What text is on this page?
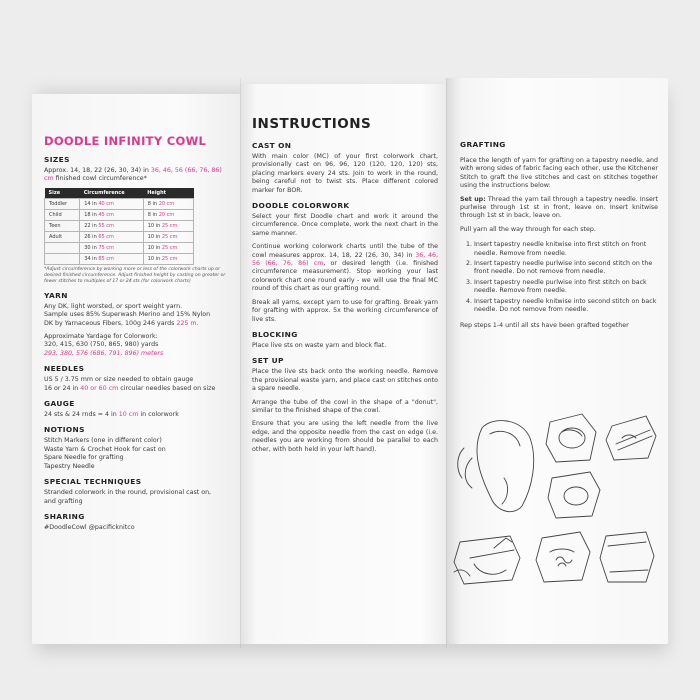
DOODLE INFINITY COWL
SIZES

Approx. 14, 18, 22 (26, 30, 34) in 36, 46, 56 (66, 76, 86) cm finished cowl circumference*

Size	Circumference	Height
Toddler	14 in 40 cm	8 in 20 cm
Child	18 in 45 cm	8 in 20 cm
Teen	22 in 55 cm	10 in 25 cm
Adult	26 in 65 cm	10 in 25 cm
	30 in 75 cm	10 in 25 cm
	34 in 85 cm	10 in 25 cm
*Adjust circumference by working more or less of the colorwork charts up or desired finished circumference. Adjust finished height by casting on greater or fewer stitches to multiples of 17 or 24 sts (for colorwork charts)
YARN

Any DK, light worsted, or sport weight yarn.

Sample uses 85% Superwash Merino and 15% Nylon

DK by Yarnaceous Fibers, 100g 246 yards 225 m.

Approximate Yardage for Colorwork:

320, 415, 630 (750, 865, 980) yards

293, 380, 576 (686, 791, 896) meters

NEEDLES

US 5 / 3.75 mm or size needed to obtain gauge

16 or 24 in 40 or 60 cm circular needles based on size

GAUGE

24 sts & 24 rnds = 4 in 10 cm in colorwork

NOTIONS

Stitch Markers (one in different color)

Waste Yarn & Crochet Hook for cast on

Spare Needle for grafting

Tapestry Needle

SPECIAL TECHNIQUES

Stranded colorwork in the round, provisional cast on,

and grafting

SHARING

#DoodleCowl @pacificknitco

INSTRUCTIONS
CAST ON

With main color (MC) of your first colorwork chart, provisionally cast on 96, 96, 120 (120, 120, 120) sts, placing markers every 24 sts. Join to work in the round, being careful not to twist sts. Place different colored marker for BOR.

DOODLE COLORWORK

Select your first Doodle chart and work it around the circumference. Once complete, work the next chart in the same manner.

Continue working colorwork charts until the tube of the cowl measures approx. 14, 18, 22 (26, 30, 34) in 36, 46, 56 (66, 76, 86) cm, or desired length (i.e. finished circumference measurement). Stop working your last colorwork chart one round early - we will use the final MC round of this chart as our grafting round.

Break all yarns, except yarn to use for grafting. Break yarn for grafting with approx. 5x the working circumference of live sts.

BLOCKING

Place live sts on waste yarn and block flat.

SET UP

Place the live sts back onto the working needle. Remove the provisional waste yarn, and place cast on stitches onto a spare needle.

Arrange the tube of the cowl in the shape of a "donut", similar to the finished shape of the cowl.

Ensure that you are using the left needle from the live edge, and the opposite needle from the cast on edge (i.e. needles you are working from should be parallel to each other, with both held in your left hand).

GRAFTING

Place the length of yarn for grafting on a tapestry needle, and with wrong sides of fabric facing each other, use the Kitchener Stitch to graft the live stitches and cast on stitches together using the instructions below:

Set up: Thread the yarn tail through a tapestry needle. Insert purlwise through 1st st in front, leave on. Insert knitwise through 1st st in back, leave on.

Pull yarn all the way through for each step.

1. Insert tapestry needle knitwise into first stitch on front needle. Remove from needle.
2. Insert tapestry needle purlwise into second stitch on the front needle. Do not remove from needle.
3. Insert tapestry needle purlwise into first stitch on back needle. Remove from needle.
4. Insert tapestry needle knitwise into second stitch on back needle. Do not remove from needle.

Rep steps 1-4 until all sts have been grafted together
